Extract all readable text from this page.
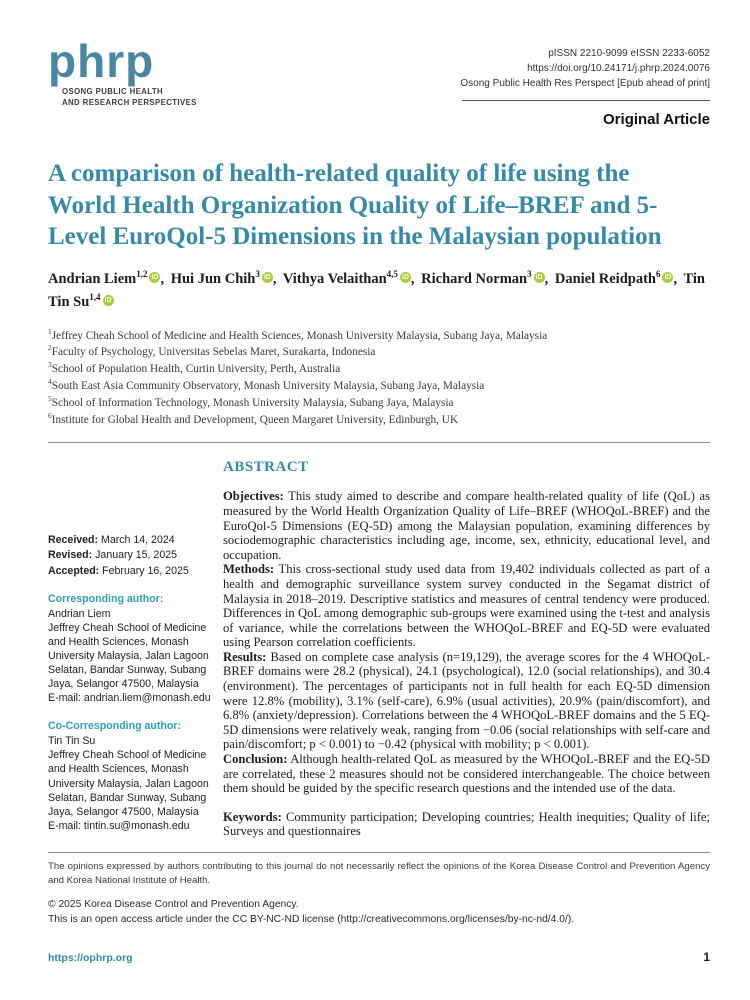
phrp
OSONG PUBLIC HEALTH
AND RESEARCH PERSPECTIVES
pISSN 2210-9099 eISSN 2233-6052
https://doi.org/10.24171/j.phrp.2024.0076
Osong Public Health Res Perspect [Epub ahead of print]
Original Article
A comparison of health-related quality of life using the World Health Organization Quality of Life–BREF and 5-Level EuroQol-5 Dimensions in the Malaysian population
Andrian Liem$^{1,2}$ iD , Hui Jun Chih$^3$ iD , Vithya Velaithan$^{4,5}$ iD , Richard Norman$^3$ iD , Daniel Reidpath$^6$ iD , Tin Tin Su$^{1,4}$ iD
$^1$Jeffrey Cheah School of Medicine and Health Sciences, Monash University Malaysia, Subang Jaya, Malaysia
$^2$Faculty of Psychology, Universitas Sebelas Maret, Surakarta, Indonesia
$^3$School of Population Health, Curtin University, Perth, Australia
$^4$South East Asia Community Observatory, Monash University Malaysia, Subang Jaya, Malaysia
$^5$School of Information Technology, Monash University Malaysia, Subang Jaya, Malaysia
$^6$Institute for Global Health and Development, Queen Margaret University, Edinburgh, UK
Received: March 14, 2024
Revised: January 15, 2025
Accepted: February 16, 2025
Corresponding author:
Andrian Liem
Jeffrey Cheah School of Medicine and Health Sciences, Monash University Malaysia, Jalan Lagoon Selatan, Bandar Sunway, Subang Jaya, Selangor 47500, Malaysia
E-mail: andrian.liem@monash.edu
Co-Corresponding author:
Tin Tin Su
Jeffrey Cheah School of Medicine and Health Sciences, Monash University Malaysia, Jalan Lagoon Selatan, Bandar Sunway, Subang Jaya, Selangor 47500, Malaysia
E-mail: tintin.su@monash.edu
ABSTRACT

Objectives: This study aimed to describe and compare health-related quality of life (QoL) as measured by the World Health Organization Quality of Life–BREF (WHOQoL-BREF) and the EuroQol-5 Dimensions (EQ-5D) among the Malaysian population, examining differences by sociodemographic characteristics including age, income, sex, ethnicity, educational level, and occupation.

Methods: This cross-sectional study used data from 19,402 individuals collected as part of a health and demographic surveillance system survey conducted in the Segamat district of Malaysia in 2018–2019. Descriptive statistics and measures of central tendency were produced. Differences in QoL among demographic sub-groups were examined using the t-test and analysis of variance, while the correlations between the WHOQoL-BREF and EQ-5D were evaluated using Pearson correlation coefficients.

Results: Based on complete case analysis (n=19,129), the average scores for the 4 WHOQoL-BREF domains were 28.2 (physical), 24.1 (psychological), 12.0 (social relationships), and 30.4 (environment). The percentages of participants not in full health for each EQ-5D dimension were 12.8% (mobility), 3.1% (self-care), 6.9% (usual activities), 20.9% (pain/discomfort), and 6.8% (anxiety/depression). Correlations between the 4 WHOQoL-BREF domains and the 5 EQ-5D dimensions were relatively weak, ranging from −0.06 (social relationships with self-care and pain/discomfort; p < 0.001) to −0.42 (physical with mobility; p < 0.001).

Conclusion: Although health-related QoL as measured by the WHOQoL-BREF and the EQ-5D are correlated, these 2 measures should not be considered interchangeable. The choice between them should be guided by the specific research questions and the intended use of the data.

Keywords: Community participation; Developing countries; Health inequities; Quality of life; Surveys and questionnaires

The opinions expressed by authors contributing to this journal do not necessarily reflect the opinions of the Korea Disease Control and Prevention Agency and Korea National Institute of Health.

© 2025 Korea Disease Control and Prevention Agency.

This is an open access article under the CC BY-NC-ND license (http://creativecommons.org/licenses/by-nc-nd/4.0/).

https://ophrp.org	1
